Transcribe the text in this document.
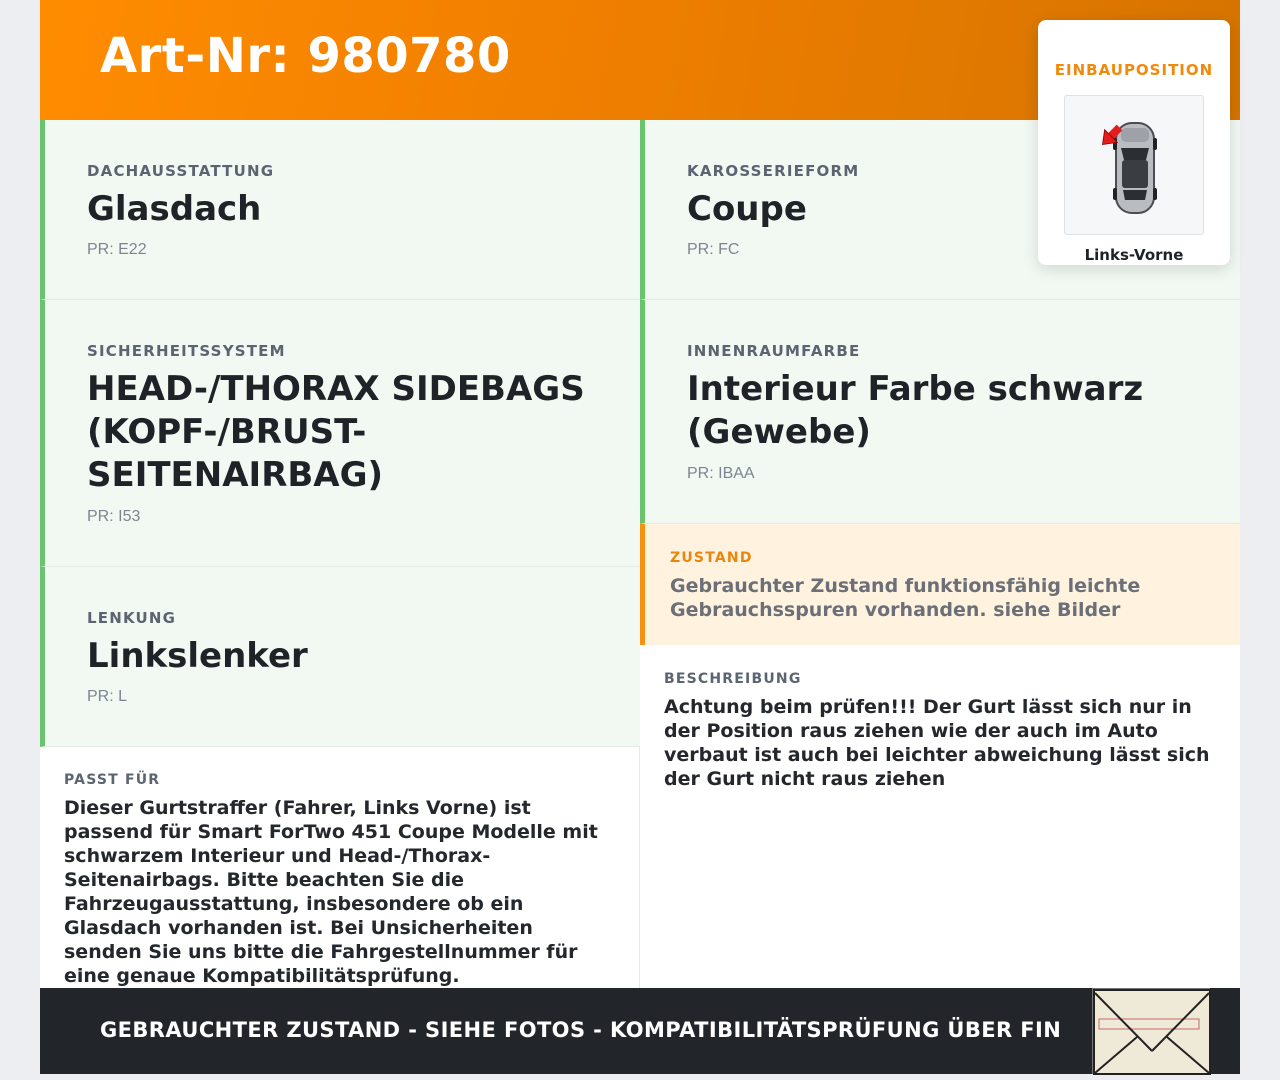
Art-Nr: 980780	EINBAUPOSITION
Links-Vorne
DACHAUSSTATTUNG
Glasdach
PR: E22
KAROSSERIEFORM
Coupe
PR: FC
SICHERHEITSSYSTEM
HEAD-/THORAX SIDEBAGS (KOPF-/BRUST-SEITENAIRBAG)
PR: I53
INNENRAUMFARBE
Interieur Farbe schwarz (Gewebe)
PR: IBAA
LENKUNG
Linkslenker
PR: L
ZUSTAND
Gebrauchter Zustand funktionsfähig leichte Gebrauchsspuren vorhanden. siehe Bilder
BESCHREIBUNG
Achtung beim prüfen!!! Der Gurt lässt sich nur in der Position raus ziehen wie der auch im Auto verbaut ist auch bei leichter abweichung lässt sich der Gurt nicht raus ziehen
PASST FÜR
Dieser Gurtstraffer (Fahrer, Links Vorne) ist passend für Smart ForTwo 451 Coupe Modelle mit schwarzem Interieur und Head-/Thorax-Seitenairbags. Bitte beachten Sie die Fahrzeugausstattung, insbesondere ob ein Glasdach vorhanden ist. Bei Unsicherheiten senden Sie uns bitte die Fahrgestellnummer für eine genaue Kompatibilitätsprüfung.
GEBRAUCHTER ZUSTAND - SIEHE FOTOS - KOMPATIBILITÄTSPRÜFUNG ÜBER FIN
